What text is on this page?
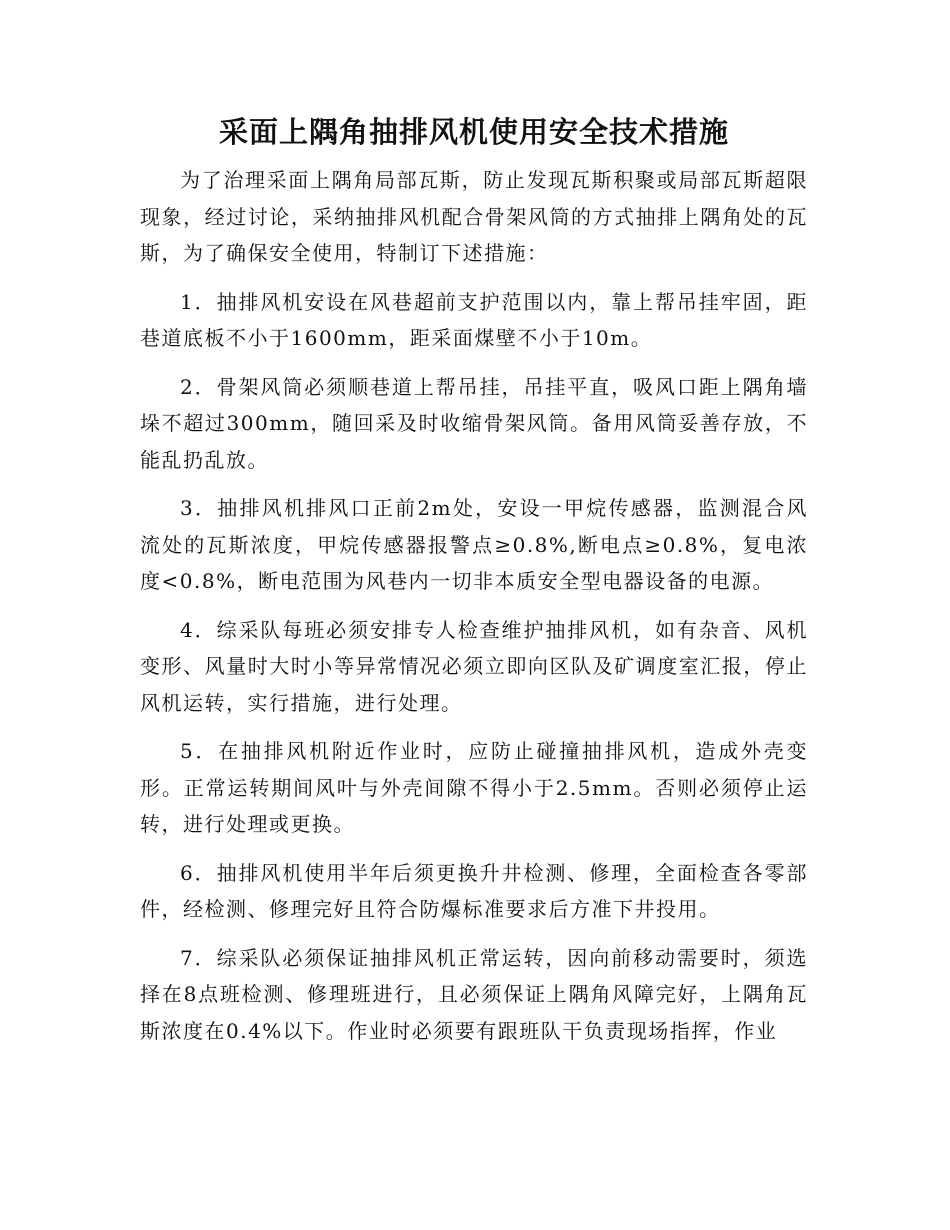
采面上隅角抽排风机使用安全技术措施

为了治理采面上隅角局部瓦斯，防止发现瓦斯积聚或局部瓦斯超限现象，经过讨论，采纳抽排风机配合骨架风筒的方式抽排上隅角处的瓦斯，为了确保安全使用，特制订下述措施：

1．抽排风机安设在风巷超前支护范围以内，靠上帮吊挂牢固，距巷道底板不小于1600mm，距采面煤壁不小于10m。

2．骨架风筒必须顺巷道上帮吊挂，吊挂平直，吸风口距上隅角墙垛不超过300mm，随回采及时收缩骨架风筒。备用风筒妥善存放，不能乱扔乱放。

3．抽排风机排风口正前2m处，安设一甲烷传感器，监测混合风流处的瓦斯浓度，甲烷传感器报警点≥0.8%,断电点≥0.8%，复电浓度<0.8%，断电范围为风巷内一切非本质安全型电器设备的电源。

4．综采队每班必须安排专人检查维护抽排风机，如有杂音、风机变形、风量时大时小等异常情况必须立即向区队及矿调度室汇报，停止风机运转，实行措施，进行处理。

5．在抽排风机附近作业时，应防止碰撞抽排风机，造成外壳变形。正常运转期间风叶与外壳间隙不得小于2.5mm。否则必须停止运转，进行处理或更换。

6．抽排风机使用半年后须更换升井检测、修理，全面检查各零部件，经检测、修理完好且符合防爆标准要求后方准下井投用。

7．综采队必须保证抽排风机正常运转，因向前移动需要时，须选择在8点班检测、修理班进行，且必须保证上隅角风障完好，上隅角瓦斯浓度在0.4%以下。作业时必须要有跟班队干负责现场指挥，作业
